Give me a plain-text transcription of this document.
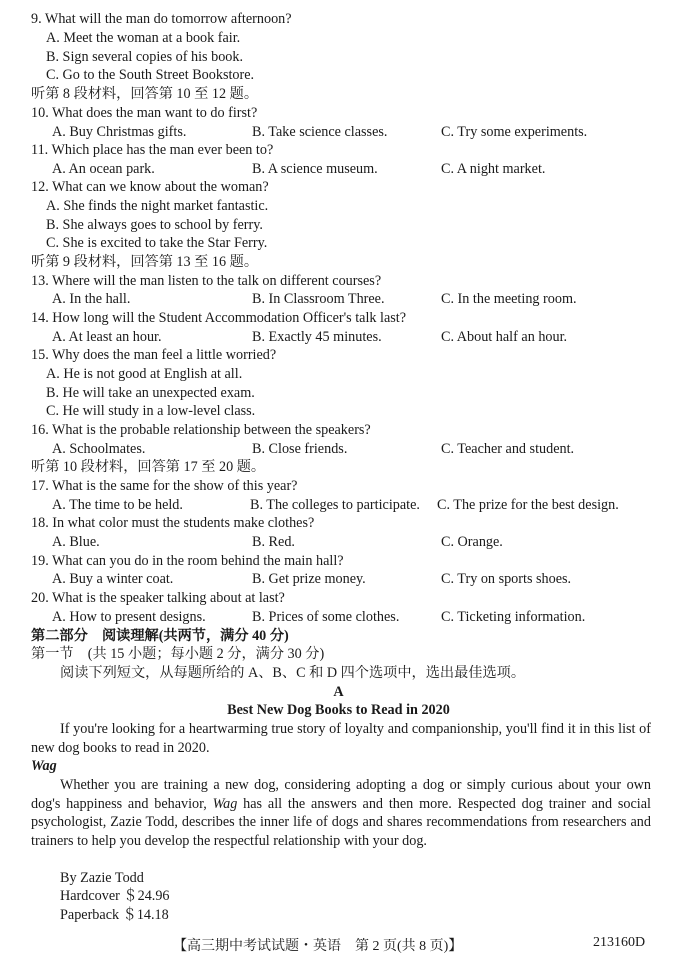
9. What will the man do tomorrow afternoon?
A. Meet the woman at a book fair.
B. Sign several copies of his book.
C. Go to the South Street Bookstore.
听第 8 段材料，回答第 10 至 12 题。
10. What does the man want to do first?
A. Buy Christmas gifts.	B. Take science classes.	C. Try some experiments.
11. Which place has the man ever been to?
A. An ocean park.	B. A science museum.	C. A night market.
12. What can we know about the woman?
A. She finds the night market fantastic.
B. She always goes to school by ferry.
C. She is excited to take the Star Ferry.
听第 9 段材料，回答第 13 至 16 题。
13. Where will the man listen to the talk on different courses?
A. In the hall.	B. In Classroom Three.	C. In the meeting room.
14. How long will the Student Accommodation Officer's talk last?
A. At least an hour.	B. Exactly 45 minutes.	C. About half an hour.
15. Why does the man feel a little worried?
A. He is not good at English at all.
B. He will take an unexpected exam.
C. He will study in a low-level class.
16. What is the probable relationship between the speakers?
A. Schoolmates.	B. Close friends.	C. Teacher and student.
听第 10 段材料，回答第 17 至 20 题。
17. What is the same for the show of this year?
A. The time to be held.	B. The colleges to participate.	C. The prize for the best design.
18. In what color must the students make clothes?
A. Blue.	B. Red.	C. Orange.
19. What can you do in the room behind the main hall?
A. Buy a winter coat.	B. Get prize money.	C. Try on sports shoes.
20. What is the speaker talking about at last?
A. How to present designs.	B. Prices of some clothes.	C. Ticketing information.
第二部分　阅读理解(共两节，满分 40 分)
第一节　(共 15 小题；每小题 2 分，满分 30 分)
阅读下列短文，从每题所给的 A、B、C 和 D 四个选项中，选出最佳选项。
A
Best New Dog Books to Read in 2020
If you're looking for a heartwarming true story of loyalty and companionship, you'll find it in this list of new dog books to read in 2020.
Wag
Whether you are training a new dog, considering adopting a dog or simply curious about your own dog's happiness and behavior, Wag has all the answers and then more. Respected dog trainer and social psychologist, Zazie Todd, describes the inner life of dogs and shares recommendations from researchers and trainers to help you develop the respectful relationship with your dog.
By Zazie Todd
Hardcover ＄24.96
Paperback ＄14.18
【高三期中考试试题・英语　第 2 页(共 8 页)】	213160D
